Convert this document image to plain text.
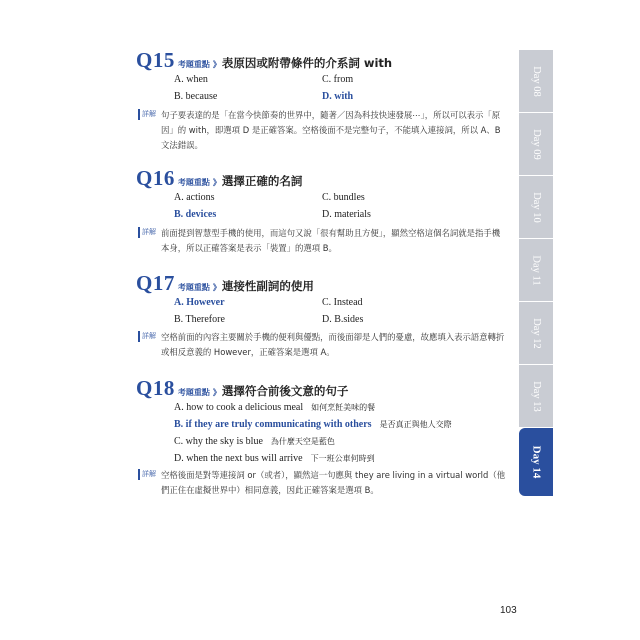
Q15 考題重點 》 表原因或附帶條件的介系詞 with
A. when	C. from
B. because	D. with
詳解 句子要表達的是「在當今快節奏的世界中，隨著／因為科技快速發展⋯」，所以可以表示「原因」的 with，即選項 D 是正確答案。空格後面不是完整句子，不能填入連接詞，所以 A、B 文法錯誤。
Q16 考題重點 》 選擇正確的名詞
A. actions	C. bundles
B. devices	D. materials
詳解 前面提到智慧型手機的使用，而這句又說「很有幫助且方便」，顯然空格這個名詞就是指手機本身，所以正確答案是表示「裝置」的選項 B。
Q17 考題重點 》 連接性副詞的使用
A. However	C. Instead
B. Therefore	D. B.sides
詳解 空格前面的內容主要關於手機的便利與優點，而後面卻是人們的憂慮，故應填入表示語意轉折或相反意義的 However，正確答案是選項 A。
Q18 考題重點 》 選擇符合前後文意的句子
A. how to cook a delicious meal 如何烹飪美味的餐
B. if they are truly communicating with others 是否真正與他人交際
C. why the sky is blue 為什麼天空是藍色
D. when the next bus will arrive 下一班公車何時到
詳解 空格後面是對等連接詞 or（或者），顯然這一句應與 they are living in a virtual world（他們正住在虛擬世界中）相同意義，因此正確答案是選項 B。
Day 08
Day 09
Day 10
Day 11
Day 12
Day 13
Day 14
103
